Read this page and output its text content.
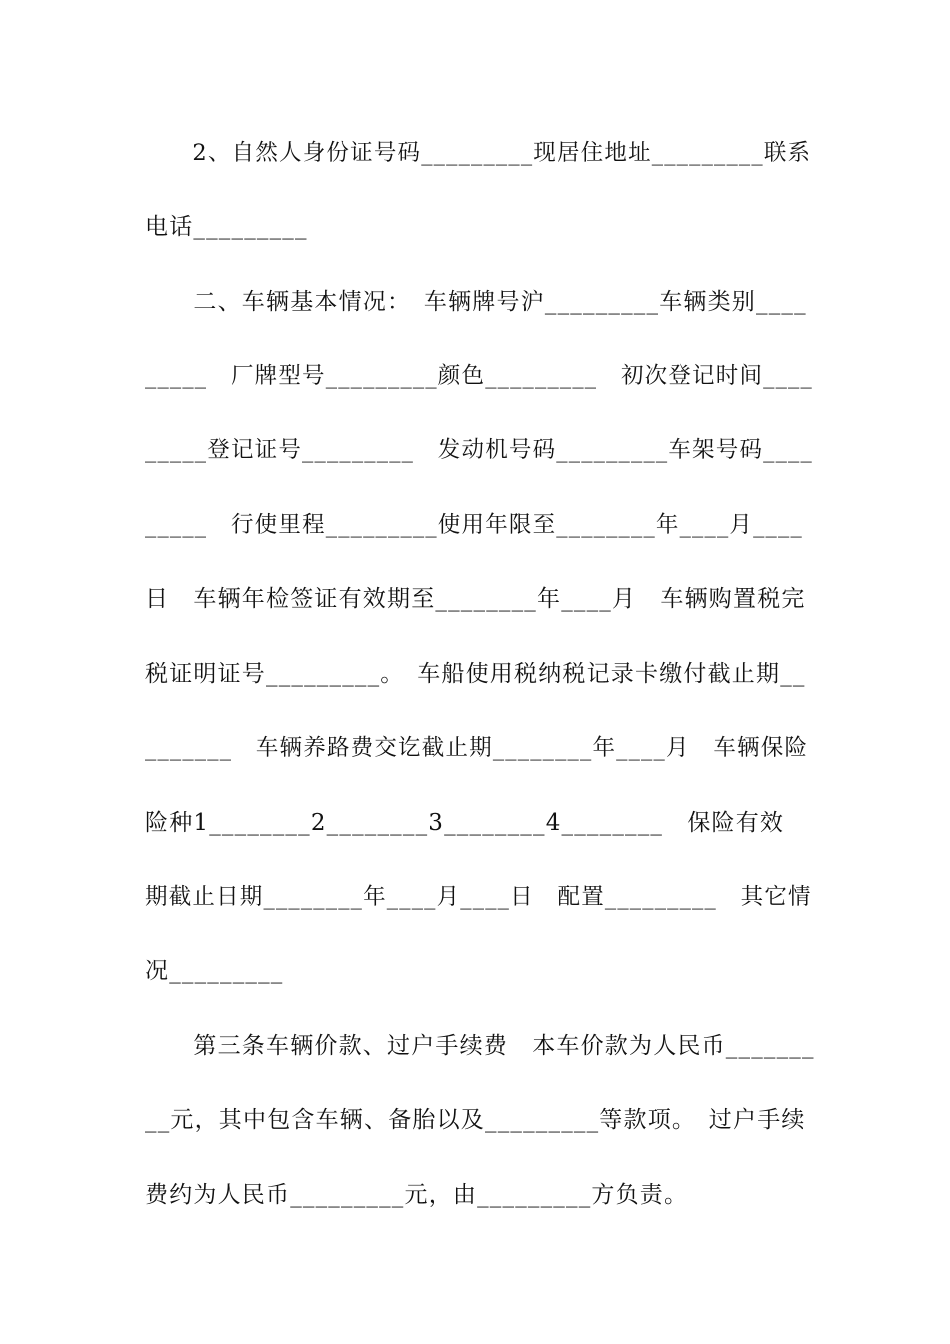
　　2、自然人身份证号码_________现居住地址_________联系
电话_________
　　二、车辆基本情况：　车辆牌号沪_________车辆类别____
_____　厂牌型号_________颜色_________　初次登记时间____
_____登记证号_________　发动机号码_________车架号码____
_____　行使里程_________使用年限至________年____月____
日　车辆年检签证有效期至________年____月　车辆购置税完
税证明证号_________。　车船使用税纳税记录卡缴付截止期__
_______　车辆养路费交讫截止期________年____月　车辆保险
险种1________2________3________4________　保险有效
期截止日期________年____月____日　配置_________　其它情
况_________
　　第三条车辆价款、过户手续费　本车价款为人民币_______
__元，其中包含车辆、备胎以及_________等款项。　过户手续
费约为人民币_________元，由_________方负责。
